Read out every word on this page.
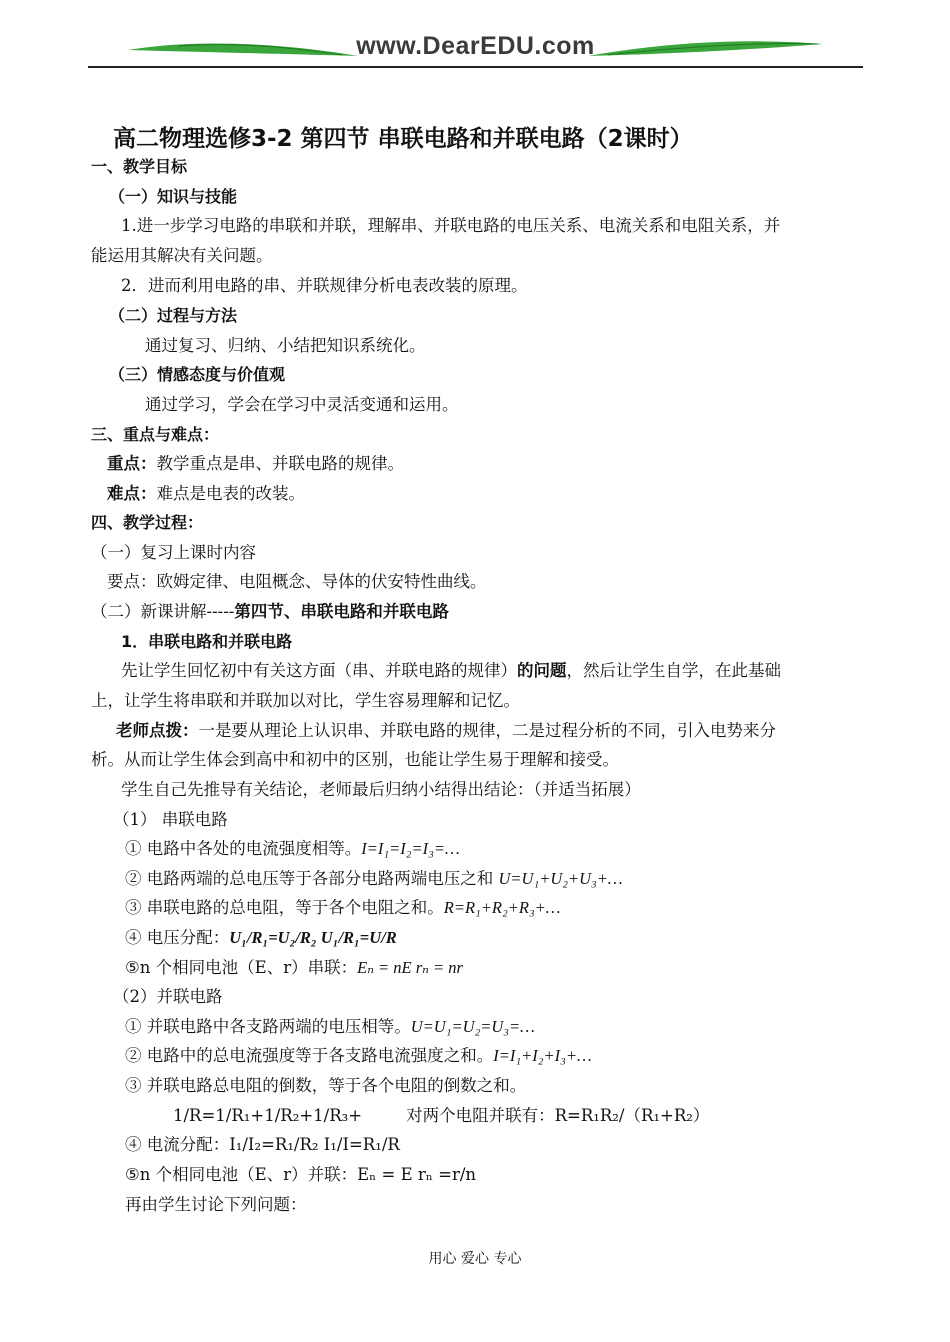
www.DearEDU.com
高二物理选修3-2 第四节 串联电路和并联电路（2课时）
一、教学目标
（一）知识与技能
1.进一步学习电路的串联和并联，理解串、并联电路的电压关系、电流关系和电阻关系，并
能运用其解决有关问题。
2．进而利用电路的串、并联规律分析电表改装的原理。
（二）过程与方法
通过复习、归纳、小结把知识系统化。
（三）情感态度与价值观
通过学习，学会在学习中灵活变通和运用。
三、重点与难点：
重点：教学重点是串、并联电路的规律。
难点：难点是电表的改装。
四、教学过程：
（一）复习上课时内容
要点：欧姆定律、电阻概念、导体的伏安特性曲线。
（二）新课讲解-----第四节、串联电路和并联电路
1．串联电路和并联电路
先让学生回忆初中有关这方面（串、并联电路的规律）的问题，然后让学生自学，在此基础
上，让学生将串联和并联加以对比，学生容易理解和记忆。
老师点拨：一是要从理论上认识串、并联电路的规律，二是过程分析的不同，引入电势来分
析。从而让学生体会到高中和初中的区别，也能让学生易于理解和接受。
学生自己先推导有关结论，老师最后归纳小结得出结论：（并适当拓展）
（1） 串联电路
① 电路中各处的电流强度相等。I=I₁=I₂=I₃=…
② 电路两端的总电压等于各部分电路两端电压之和 U=U₁+U₂+U₃+…
③ 串联电路的总电阻，等于各个电阻之和。R=R₁+R₂+R₃+…
④ 电压分配：U₁/R₁=U₂/R₂ U₁/R₁=U/R
⑤n 个相同电池（E、r）串联：Eₙ = nE rₙ = nr
（2）并联电路
① 并联电路中各支路两端的电压相等。U=U₁=U₂=U₃=…
② 电路中的总电流强度等于各支路电流强度之和。I=I₁+I₂+I₃+…
③ 并联电路总电阻的倒数，等于各个电阻的倒数之和。
1/R=1/R₁+1/R₂+1/R₃+	对两个电阻并联有：R=R₁R₂/（R₁+R₂）
④ 电流分配：I₁/I₂=R₁/R₂ I₁/I=R₁/R
⑤n 个相同电池（E、r）并联：Eₙ = E rₙ =r/n
再由学生讨论下列问题：
用心 爱心 专心
